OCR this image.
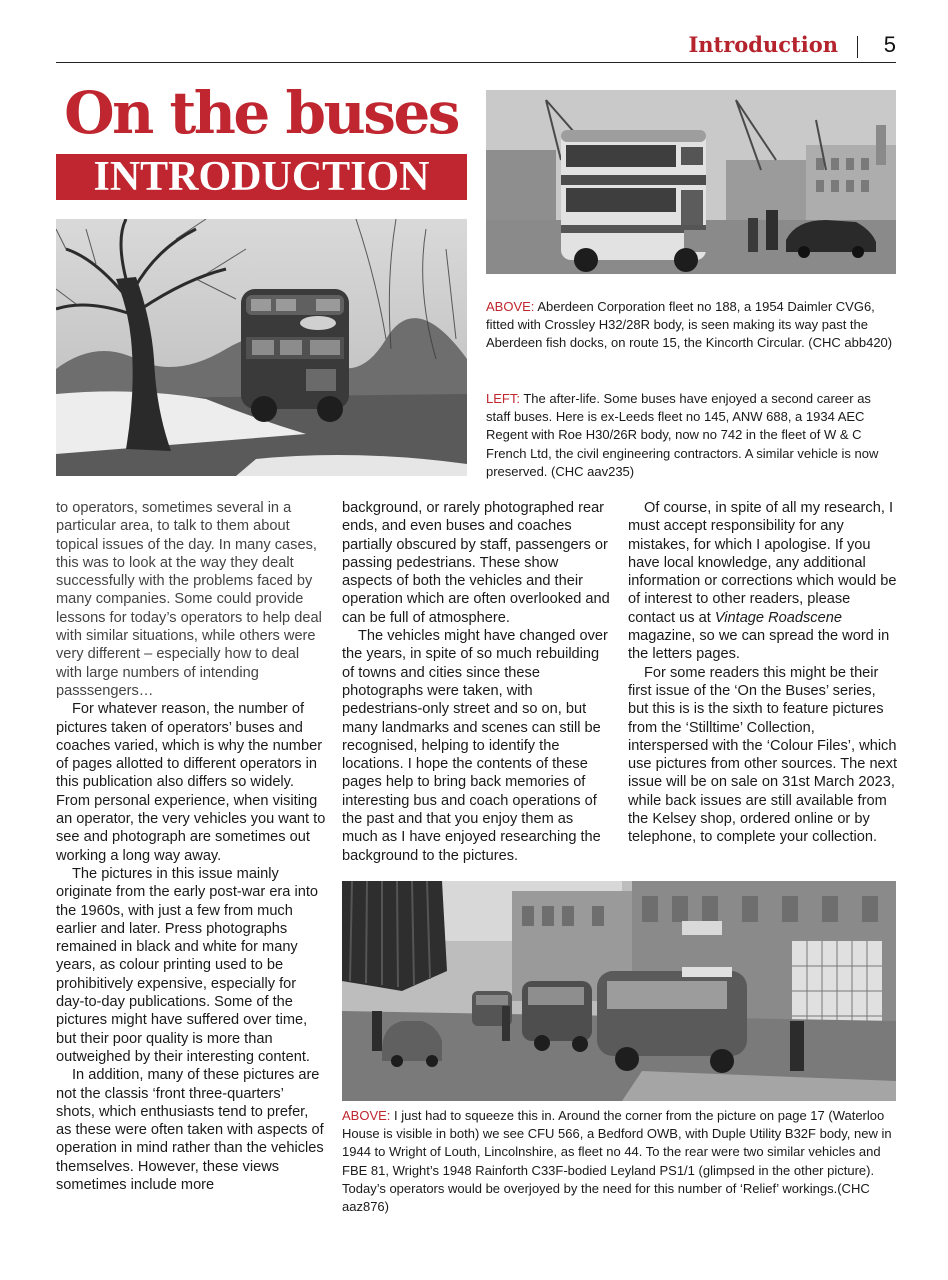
Introduction 5
On the buses
INTRODUCTION
ABOVE: Aberdeen Corporation fleet no 188, a 1954 Daimler CVG6, fitted with Crossley H32/28R body, is seen making its way past the Aberdeen fish docks, on route 15, the Kincorth Circular. (CHC abb420)
LEFT: The after-life. Some buses have enjoyed a second career as staff buses. Here is ex-Leeds fleet no 145, ANW 688, a 1934 AEC Regent with Roe H30/26R body, now no 742 in the fleet of W & C French Ltd, the civil engineering contractors. A similar vehicle is now preserved. (CHC aav235)

to operators, sometimes several in a particular area, to talk to them about topical issues of the day. In many cases, this was to look at the way they dealt successfully with the problems faced by many companies. Some could provide lessons for today’s operators to help deal with similar situations, while others were very different – especially how to deal with large numbers of intending passsengers…

For whatever reason, the number of pictures taken of operators’ buses and coaches varied, which is why the number of pages allotted to different operators in this publication also differs so widely. From personal experience, when visiting an operator, the very vehicles you want to see and photograph are sometimes out working a long way away.

The pictures in this issue mainly originate from the early post-war era into the 1960s, with just a few from much earlier and later. Press photographs remained in black and white for many years, as colour printing used to be prohibitively expensive, especially for day-to-day publications. Some of the pictures might have suffered over time, but their poor quality is more than outweighed by their interesting content.

In addition, many of these pictures are not the classis ‘front three-quarters’ shots, which enthusiasts tend to prefer, as these were often taken with aspects of operation in mind rather than the vehicles themselves. However, these views sometimes include more

background, or rarely photographed rear ends, and even buses and coaches partially obscured by staff, passengers or passing pedestrians. These show aspects of both the vehicles and their operation which are often overlooked and can be full of atmosphere.

The vehicles might have changed over the years, in spite of so much rebuilding of towns and cities since these photographs were taken, with pedestrians-only street and so on, but many landmarks and scenes can still be recognised, helping to identify the locations. I hope the contents of these pages help to bring back memories of interesting bus and coach operations of the past and that you enjoy them as much as I have enjoyed researching the background to the pictures.

Of course, in spite of all my research, I must accept responsibility for any mistakes, for which I apologise. If you have local knowledge, any additional information or corrections which would be of interest to other readers, please contact us at Vintage Roadscene magazine, so we can spread the word in the letters pages.

For some readers this might be their first issue of the ‘On the Buses’ series, but this is is the sixth to feature pictures from the ‘Stilltime’ Collection, interspersed with the ‘Colour Files’, which use pictures from other sources. The next issue will be on sale on 31st March 2023, while back issues are still available from the Kelsey shop, ordered online or by telephone, to complete your collection.

ABOVE: I just had to squeeze this in. Around the corner from the picture on page 17 (Waterloo House is visible in both) we see CFU 566, a Bedford OWB, with Duple Utility B32F body, new in 1944 to Wright of Louth, Lincolnshire, as fleet no 44. To the rear were two similar vehicles and FBE 81, Wright’s 1948 Rainforth C33F-bodied Leyland PS1/1 (glimpsed in the other picture). Today’s operators would be overjoyed by the need for this number of ‘Relief’ workings.(CHC aaz876)
